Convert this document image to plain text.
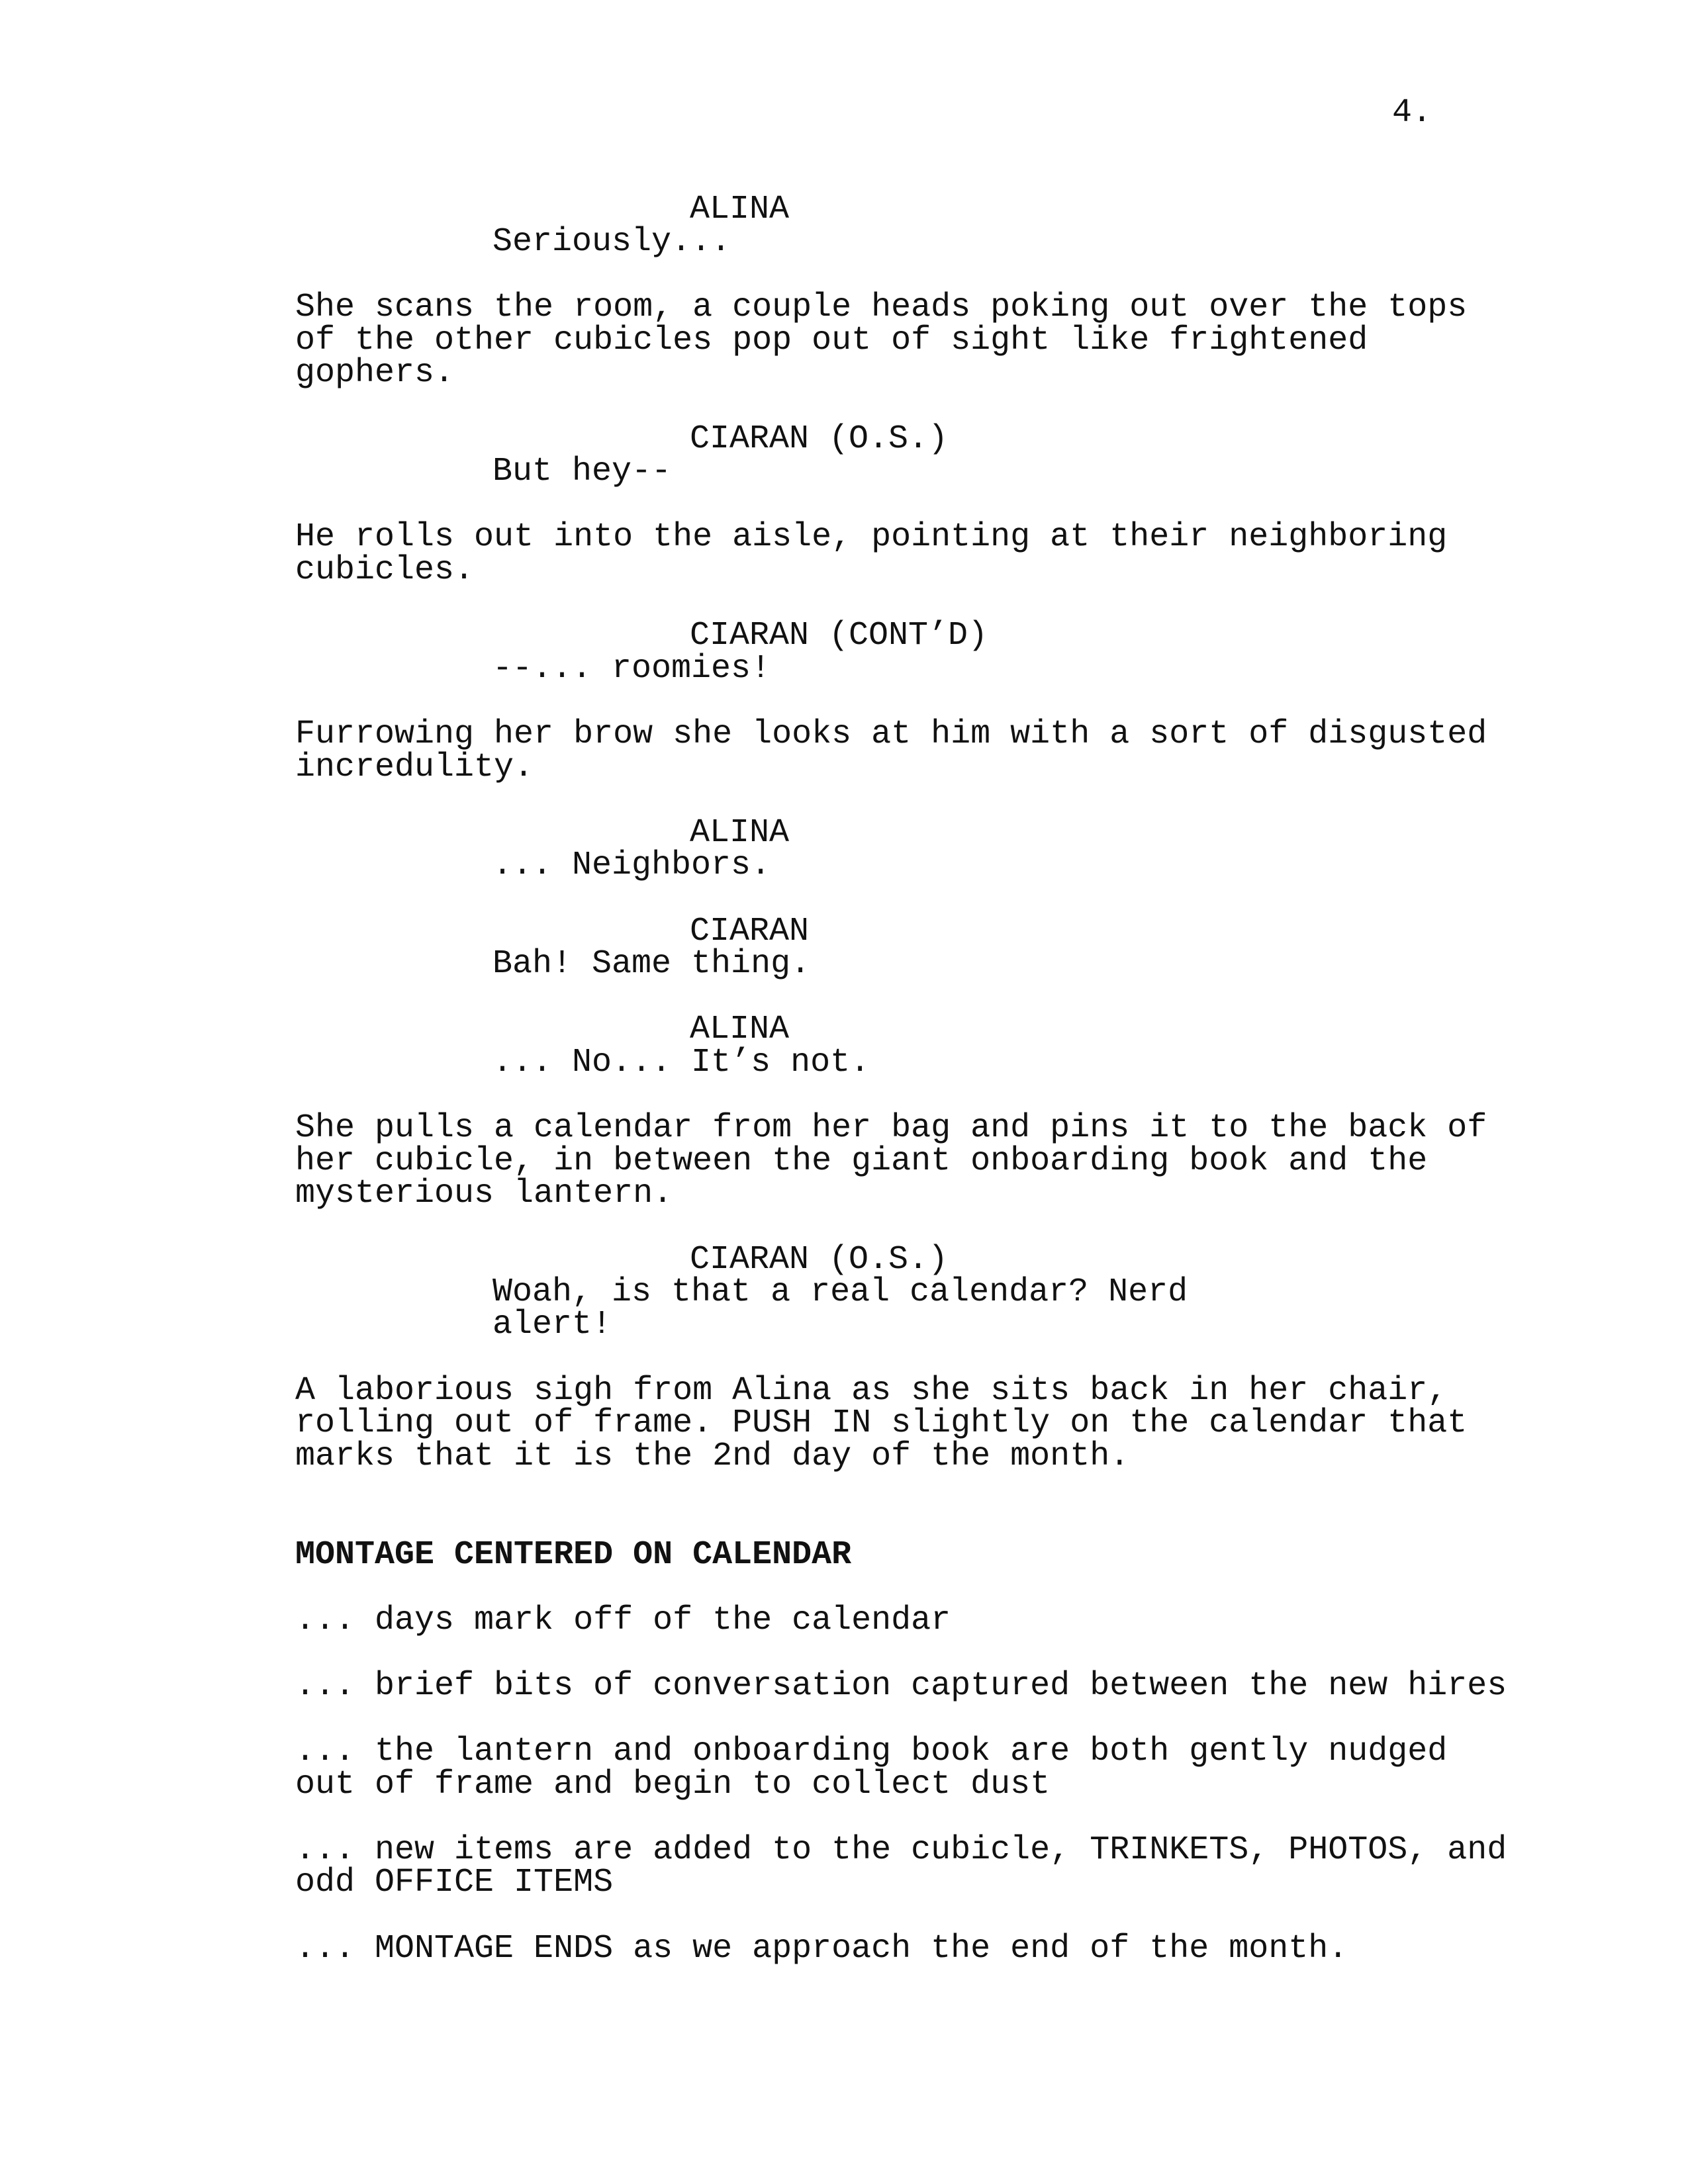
4.
ALINA
Seriously...
She scans the room, a couple heads poking out over the tops
of the other cubicles pop out of sight like frightened
gophers.
CIARAN (O.S.)
But hey--
He rolls out into the aisle, pointing at their neighboring
cubicles.
CIARAN (CONT’D)
--... roomies!
Furrowing her brow she looks at him with a sort of disgusted
incredulity.
ALINA
... Neighbors.
CIARAN
Bah! Same thing.
ALINA
... No... It’s not.
She pulls a calendar from her bag and pins it to the back of
her cubicle, in between the giant onboarding book and the
mysterious lantern.
CIARAN (O.S.)
Woah, is that a real calendar? Nerd
alert!
A laborious sigh from Alina as she sits back in her chair,
rolling out of frame. PUSH IN slightly on the calendar that
marks that it is the 2nd day of the month.
MONTAGE CENTERED ON CALENDAR
... days mark off of the calendar
... brief bits of conversation captured between the new hires
... the lantern and onboarding book are both gently nudged
out of frame and begin to collect dust
... new items are added to the cubicle, TRINKETS, PHOTOS, and
odd OFFICE ITEMS
... MONTAGE ENDS as we approach the end of the month.
